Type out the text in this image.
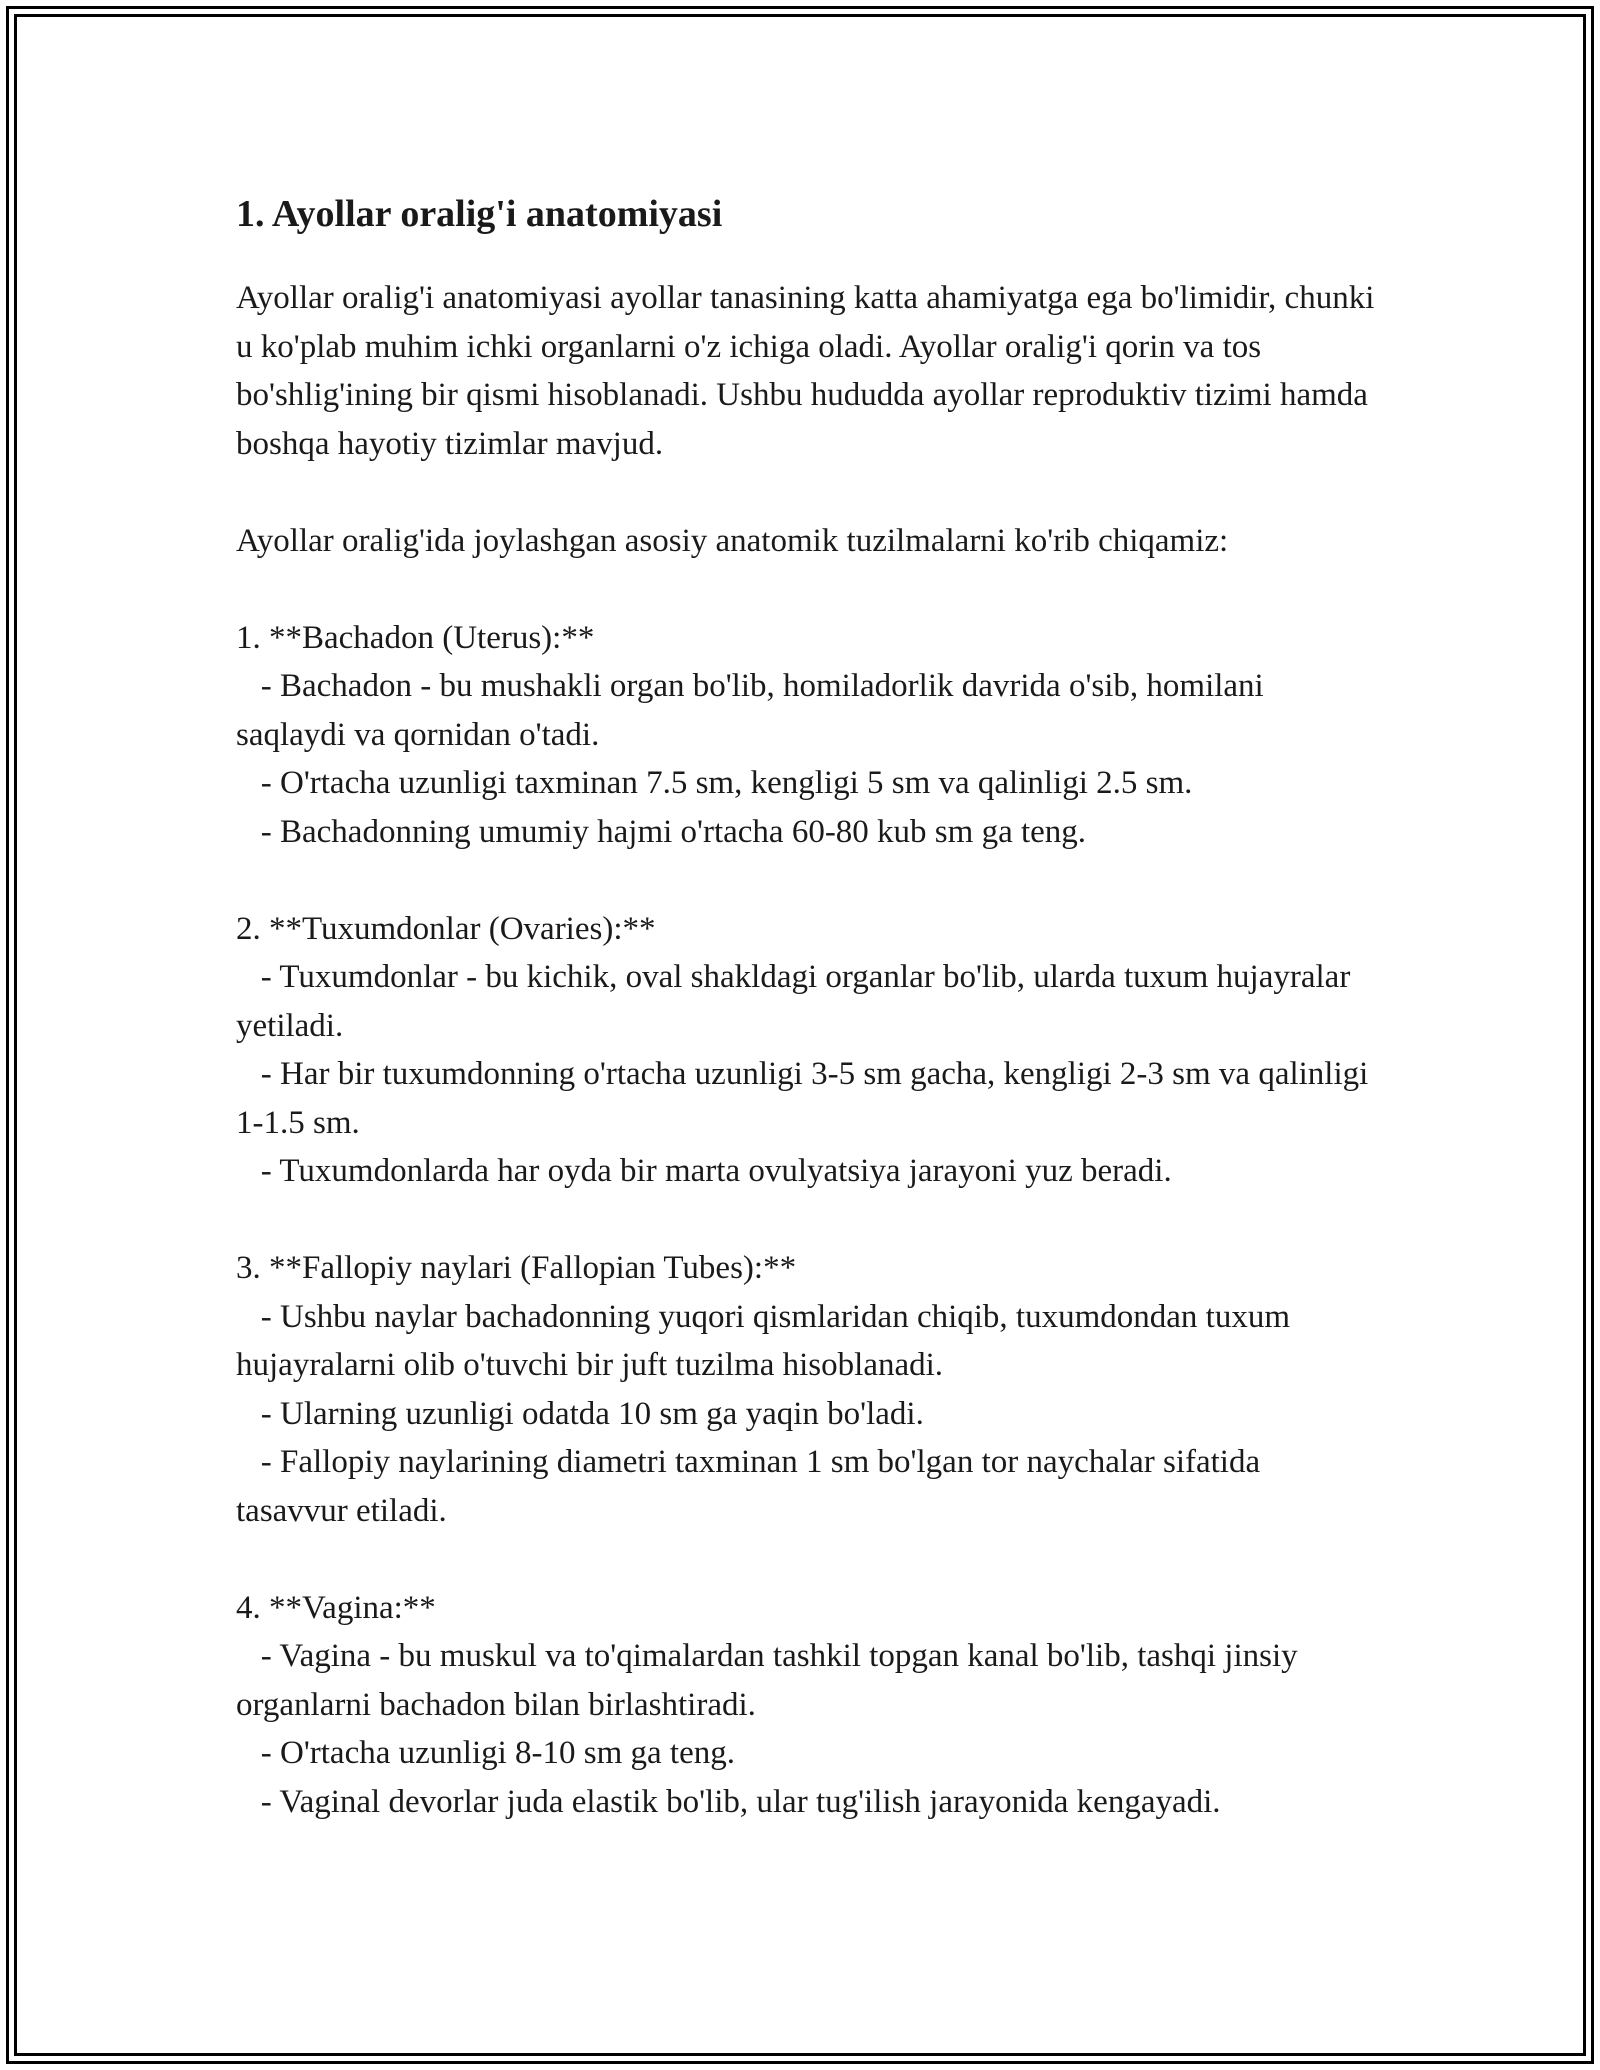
1. Ayollar oralig'i anatomiyasi

Ayollar oralig'i anatomiyasi ayollar tanasining katta ahamiyatga ega bo'limidir, chunki u ko'plab muhim ichki organlarni o'z ichiga oladi. Ayollar oralig'i qorin va tos bo'shlig'ining bir qismi hisoblanadi. Ushbu hududda ayollar reproduktiv tizimi hamda boshqa hayotiy tizimlar mavjud.

Ayollar oralig'ida joylashgan asosiy anatomik tuzilmalarni ko'rib chiqamiz:

1. **Bachadon (Uterus):**

- Bachadon - bu mushakli organ bo'lib, homiladorlik davrida o'sib, homilani saqlaydi va qornidan o'tadi.

- O'rtacha uzunligi taxminan 7.5 sm, kengligi 5 sm va qalinligi 2.5 sm.

- Bachadonning umumiy hajmi o'rtacha 60-80 kub sm ga teng.

2. **Tuxumdonlar (Ovaries):**

- Tuxumdonlar - bu kichik, oval shakldagi organlar bo'lib, ularda tuxum hujayralar yetiladi.

- Har bir tuxumdonning o'rtacha uzunligi 3-5 sm gacha, kengligi 2-3 sm va qalinligi 1-1.5 sm.

- Tuxumdonlarda har oyda bir marta ovulyatsiya jarayoni yuz beradi.

3. **Fallopiy naylari (Fallopian Tubes):**

- Ushbu naylar bachadonning yuqori qismlaridan chiqib, tuxumdondan tuxum hujayralarni olib o'tuvchi bir juft tuzilma hisoblanadi.

- Ularning uzunligi odatda 10 sm ga yaqin bo'ladi.

- Fallopiy naylarining diametri taxminan 1 sm bo'lgan tor naychalar sifatida tasavvur etiladi.

4. **Vagina:**

- Vagina - bu muskul va to'qimalardan tashkil topgan kanal bo'lib, tashqi jinsiy organlarni bachadon bilan birlashtiradi.

- O'rtacha uzunligi 8-10 sm ga teng.

- Vaginal devorlar juda elastik bo'lib, ular tug'ilish jarayonida kengayadi.
